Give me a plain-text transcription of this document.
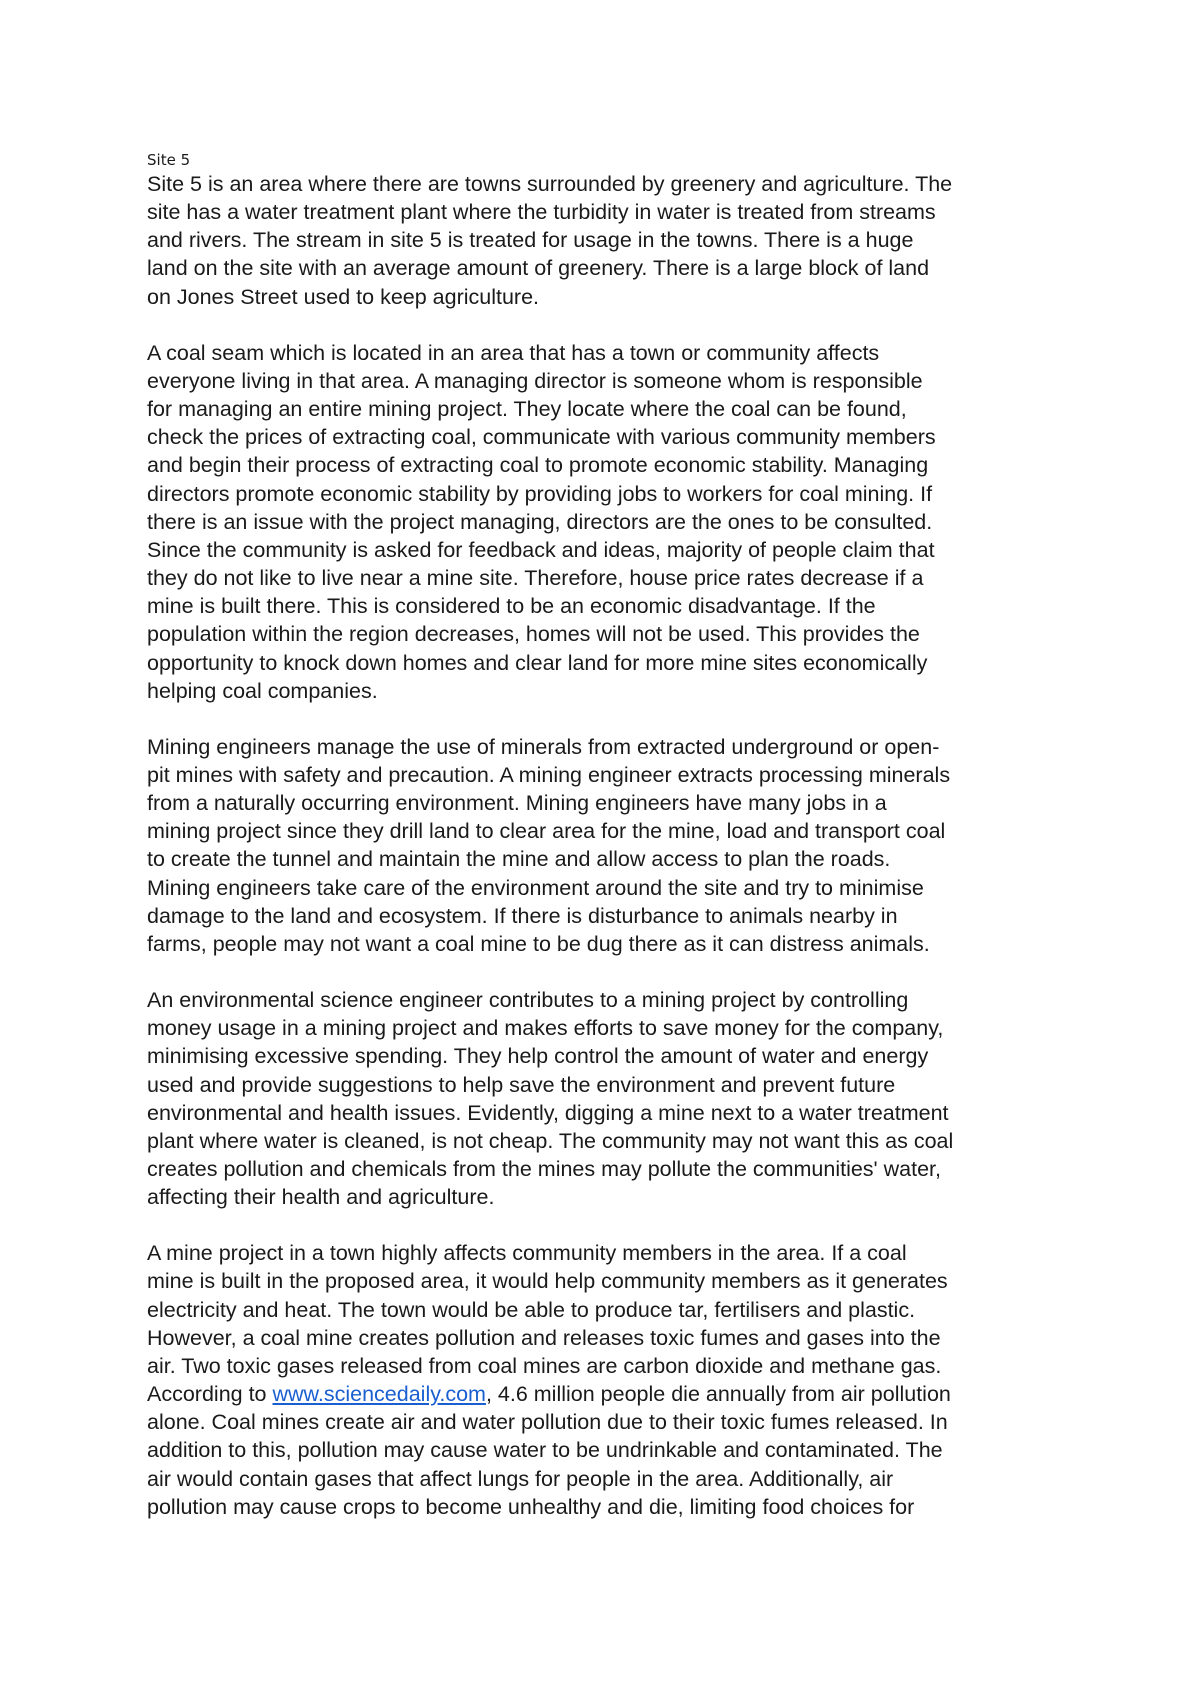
Site 5

Site 5 is an area where there are towns surrounded by greenery and agriculture. The
site has a water treatment plant where the turbidity in water is treated from streams
and rivers. The stream in site 5 is treated for usage in the towns. There is a huge
land on the site with an average amount of greenery. There is a large block of land
on Jones Street used to keep agriculture.

A coal seam which is located in an area that has a town or community affects
everyone living in that area. A managing director is someone whom is responsible
for managing an entire mining project. They locate where the coal can be found,
check the prices of extracting coal, communicate with various community members
and begin their process of extracting coal to promote economic stability. Managing
directors promote economic stability by providing jobs to workers for coal mining. If
there is an issue with the project managing, directors are the ones to be consulted.
Since the community is asked for feedback and ideas, majority of people claim that
they do not like to live near a mine site. Therefore, house price rates decrease if a
mine is built there. This is considered to be an economic disadvantage. If the
population within the region decreases, homes will not be used. This provides the
opportunity to knock down homes and clear land for more mine sites economically
helping coal companies.

Mining engineers manage the use of minerals from extracted underground or open-
pit mines with safety and precaution. A mining engineer extracts processing minerals
from a naturally occurring environment. Mining engineers have many jobs in a
mining project since they drill land to clear area for the mine, load and transport coal
to create the tunnel and maintain the mine and allow access to plan the roads.
Mining engineers take care of the environment around the site and try to minimise
damage to the land and ecosystem. If there is disturbance to animals nearby in
farms, people may not want a coal mine to be dug there as it can distress animals.

An environmental science engineer contributes to a mining project by controlling
money usage in a mining project and makes efforts to save money for the company,
minimising excessive spending. They help control the amount of water and energy
used and provide suggestions to help save the environment and prevent future
environmental and health issues. Evidently, digging a mine next to a water treatment
plant where water is cleaned, is not cheap. The community may not want this as coal
creates pollution and chemicals from the mines may pollute the communities' water,
affecting their health and agriculture.

A mine project in a town highly affects community members in the area. If a coal
mine is built in the proposed area, it would help community members as it generates
electricity and heat. The town would be able to produce tar, fertilisers and plastic.
However, a coal mine creates pollution and releases toxic fumes and gases into the
air. Two toxic gases released from coal mines are carbon dioxide and methane gas.
According to www.sciencedaily.com, 4.6 million people die annually from air pollution
alone. Coal mines create air and water pollution due to their toxic fumes released. In
addition to this, pollution may cause water to be undrinkable and contaminated. The
air would contain gases that affect lungs for people in the area. Additionally, air
pollution may cause crops to become unhealthy and die, limiting food choices for
